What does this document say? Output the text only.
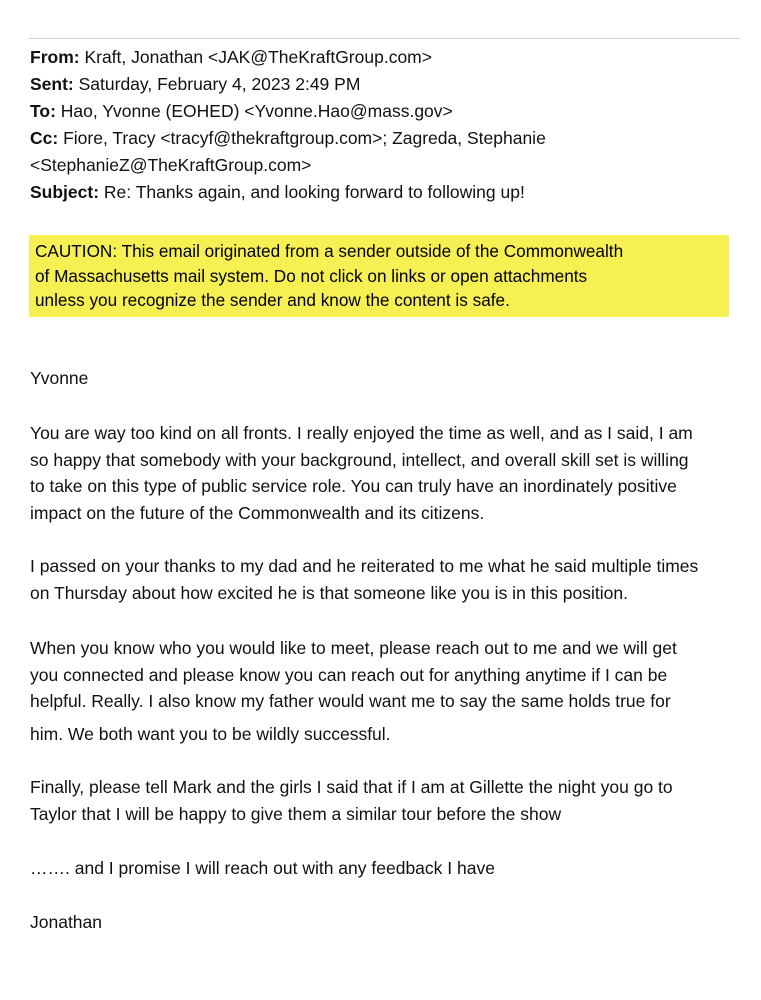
From: Kraft, Jonathan <JAK@TheKraftGroup.com>
Sent: Saturday, February 4, 2023 2:49 PM
To: Hao, Yvonne (EOHED) <Yvonne.Hao@mass.gov>
Cc: Fiore, Tracy <tracyf@thekraftgroup.com>; Zagreda, Stephanie
<StephanieZ@TheKraftGroup.com>
Subject: Re: Thanks again, and looking forward to following up!
CAUTION: This email originated from a sender outside of the Commonwealth
of Massachusetts mail system. Do not click on links or open attachments
unless you recognize the sender and know the content is safe.
Yvonne
You are way too kind on all fronts. I really enjoyed the time as well, and as I said, I am
so happy that somebody with your background, intellect, and overall skill set is willing
to take on this type of public service role. You can truly have an inordinately positive
impact on the future of the Commonwealth and its citizens.
I passed on your thanks to my dad and he reiterated to me what he said multiple times
on Thursday about how excited he is that someone like you is in this position.
When you know who you would like to meet, please reach out to me and we will get
you connected and please know you can reach out for anything anytime if I can be
helpful. Really. I also know my father would want me to say the same holds true for
him. We both want you to be wildly successful.
Finally, please tell Mark and the girls I said that if I am at Gillette the night you go to
Taylor that I will be happy to give them a similar tour before the show
……. and I promise I will reach out with any feedback I have
Jonathan
